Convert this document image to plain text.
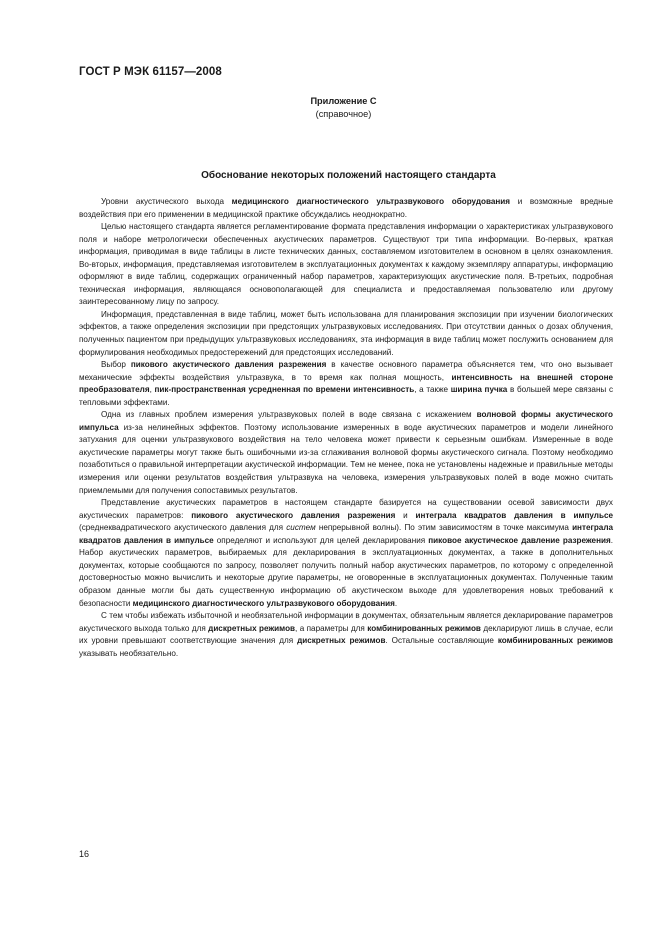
ГОСТ Р МЭК 61157—2008
Приложение С
(справочное)
Обоснование некоторых положений настоящего стандарта

Уровни акустического выхода медицинского диагностического ультразвукового оборудования и возможные вредные воздействия при его применении в медицинской практике обсуждались неоднократно.

Целью настоящего стандарта является регламентирование формата представления информации о характеристиках ультразвукового поля и наборе метрологически обеспеченных акустических параметров. Существуют три типа информации. Во-первых, краткая информация, приводимая в виде таблицы в листе технических данных, составляемом изготовителем в основном в целях ознакомления. Во-вторых, информация, представляемая изготовителем в эксплуатационных документах к каждому экземпляру аппаратуры, информацию оформляют в виде таблиц, содержащих ограниченный набор параметров, характеризующих акустические поля. В-третьих, подробная техническая информация, являющаяся основополагающей для специалиста и предоставляемая пользователю или другому заинтересованному лицу по запросу.

Информация, представленная в виде таблиц, может быть использована для планирования экспозиции при изучении биологических эффектов, а также определения экспозиции при предстоящих ультразвуковых исследованиях. При отсутствии данных о дозах облучения, полученных пациентом при предыдущих ультразвуковых исследованиях, эта информация в виде таблиц может послужить основанием для формулирования необходимых предостережений для предстоящих исследований.

Выбор пикового акустического давления разрежения в качестве основного параметра объясняется тем, что оно вызывает механические эффекты воздействия ультразвука, в то время как полная мощность, интенсивность на внешней стороне преобразователя, пик-пространственная усредненная по времени интенсивность, а также ширина пучка в большей мере связаны с тепловыми эффектами.

Одна из главных проблем измерения ультразвуковых полей в воде связана с искажением волновой формы акустического импульса из-за нелинейных эффектов. Поэтому использование измеренных в воде акустических параметров и модели линейного затухания для оценки ультразвукового воздействия на тело человека может привести к серьезным ошибкам. Измеренные в воде акустические параметры могут также быть ошибочными из-за сглаживания волновой формы акустического сигнала. Поэтому необходимо позаботиться о правильной интерпретации акустической информации. Тем не менее, пока не установлены надежные и правильные методы измерения или оценки результатов воздействия ультразвука на человека, измерения ультразвуковых полей в воде можно считать приемлемыми для получения сопоставимых результатов.

Представление акустических параметров в настоящем стандарте базируется на существовании осевой зависимости двух акустических параметров: пикового акустического давления разрежения и интеграла квадратов давления в импульсе (среднеквадратического акустического давления для систем непрерывной волны). По этим зависимостям в точке максимума интеграла квадратов давления в импульсе определяют и используют для целей декларирования пиковое акустическое давление разрежения. Набор акустических параметров, выбираемых для декларирования в эксплуатационных документах, а также в дополнительных документах, которые сообщаются по запросу, позволяет получить полный набор акустических параметров, по которому с определенной достоверностью можно вычислить и некоторые другие параметры, не оговоренные в эксплуатационных документах. Полученные таким образом данные могли бы дать существенную информацию об акустическом выходе для удовлетворения новых требований к безопасности медицинского диагностического ультразвукового оборудования.

С тем чтобы избежать избыточной и необязательной информации в документах, обязательным является декларирование параметров акустического выхода только для дискретных режимов, а параметры для комбинированных режимов декларируют лишь в случае, если их уровни превышают соответствующие значения для дискретных режимов. Остальные составляющие комбинированных режимов указывать необязательно.

16
